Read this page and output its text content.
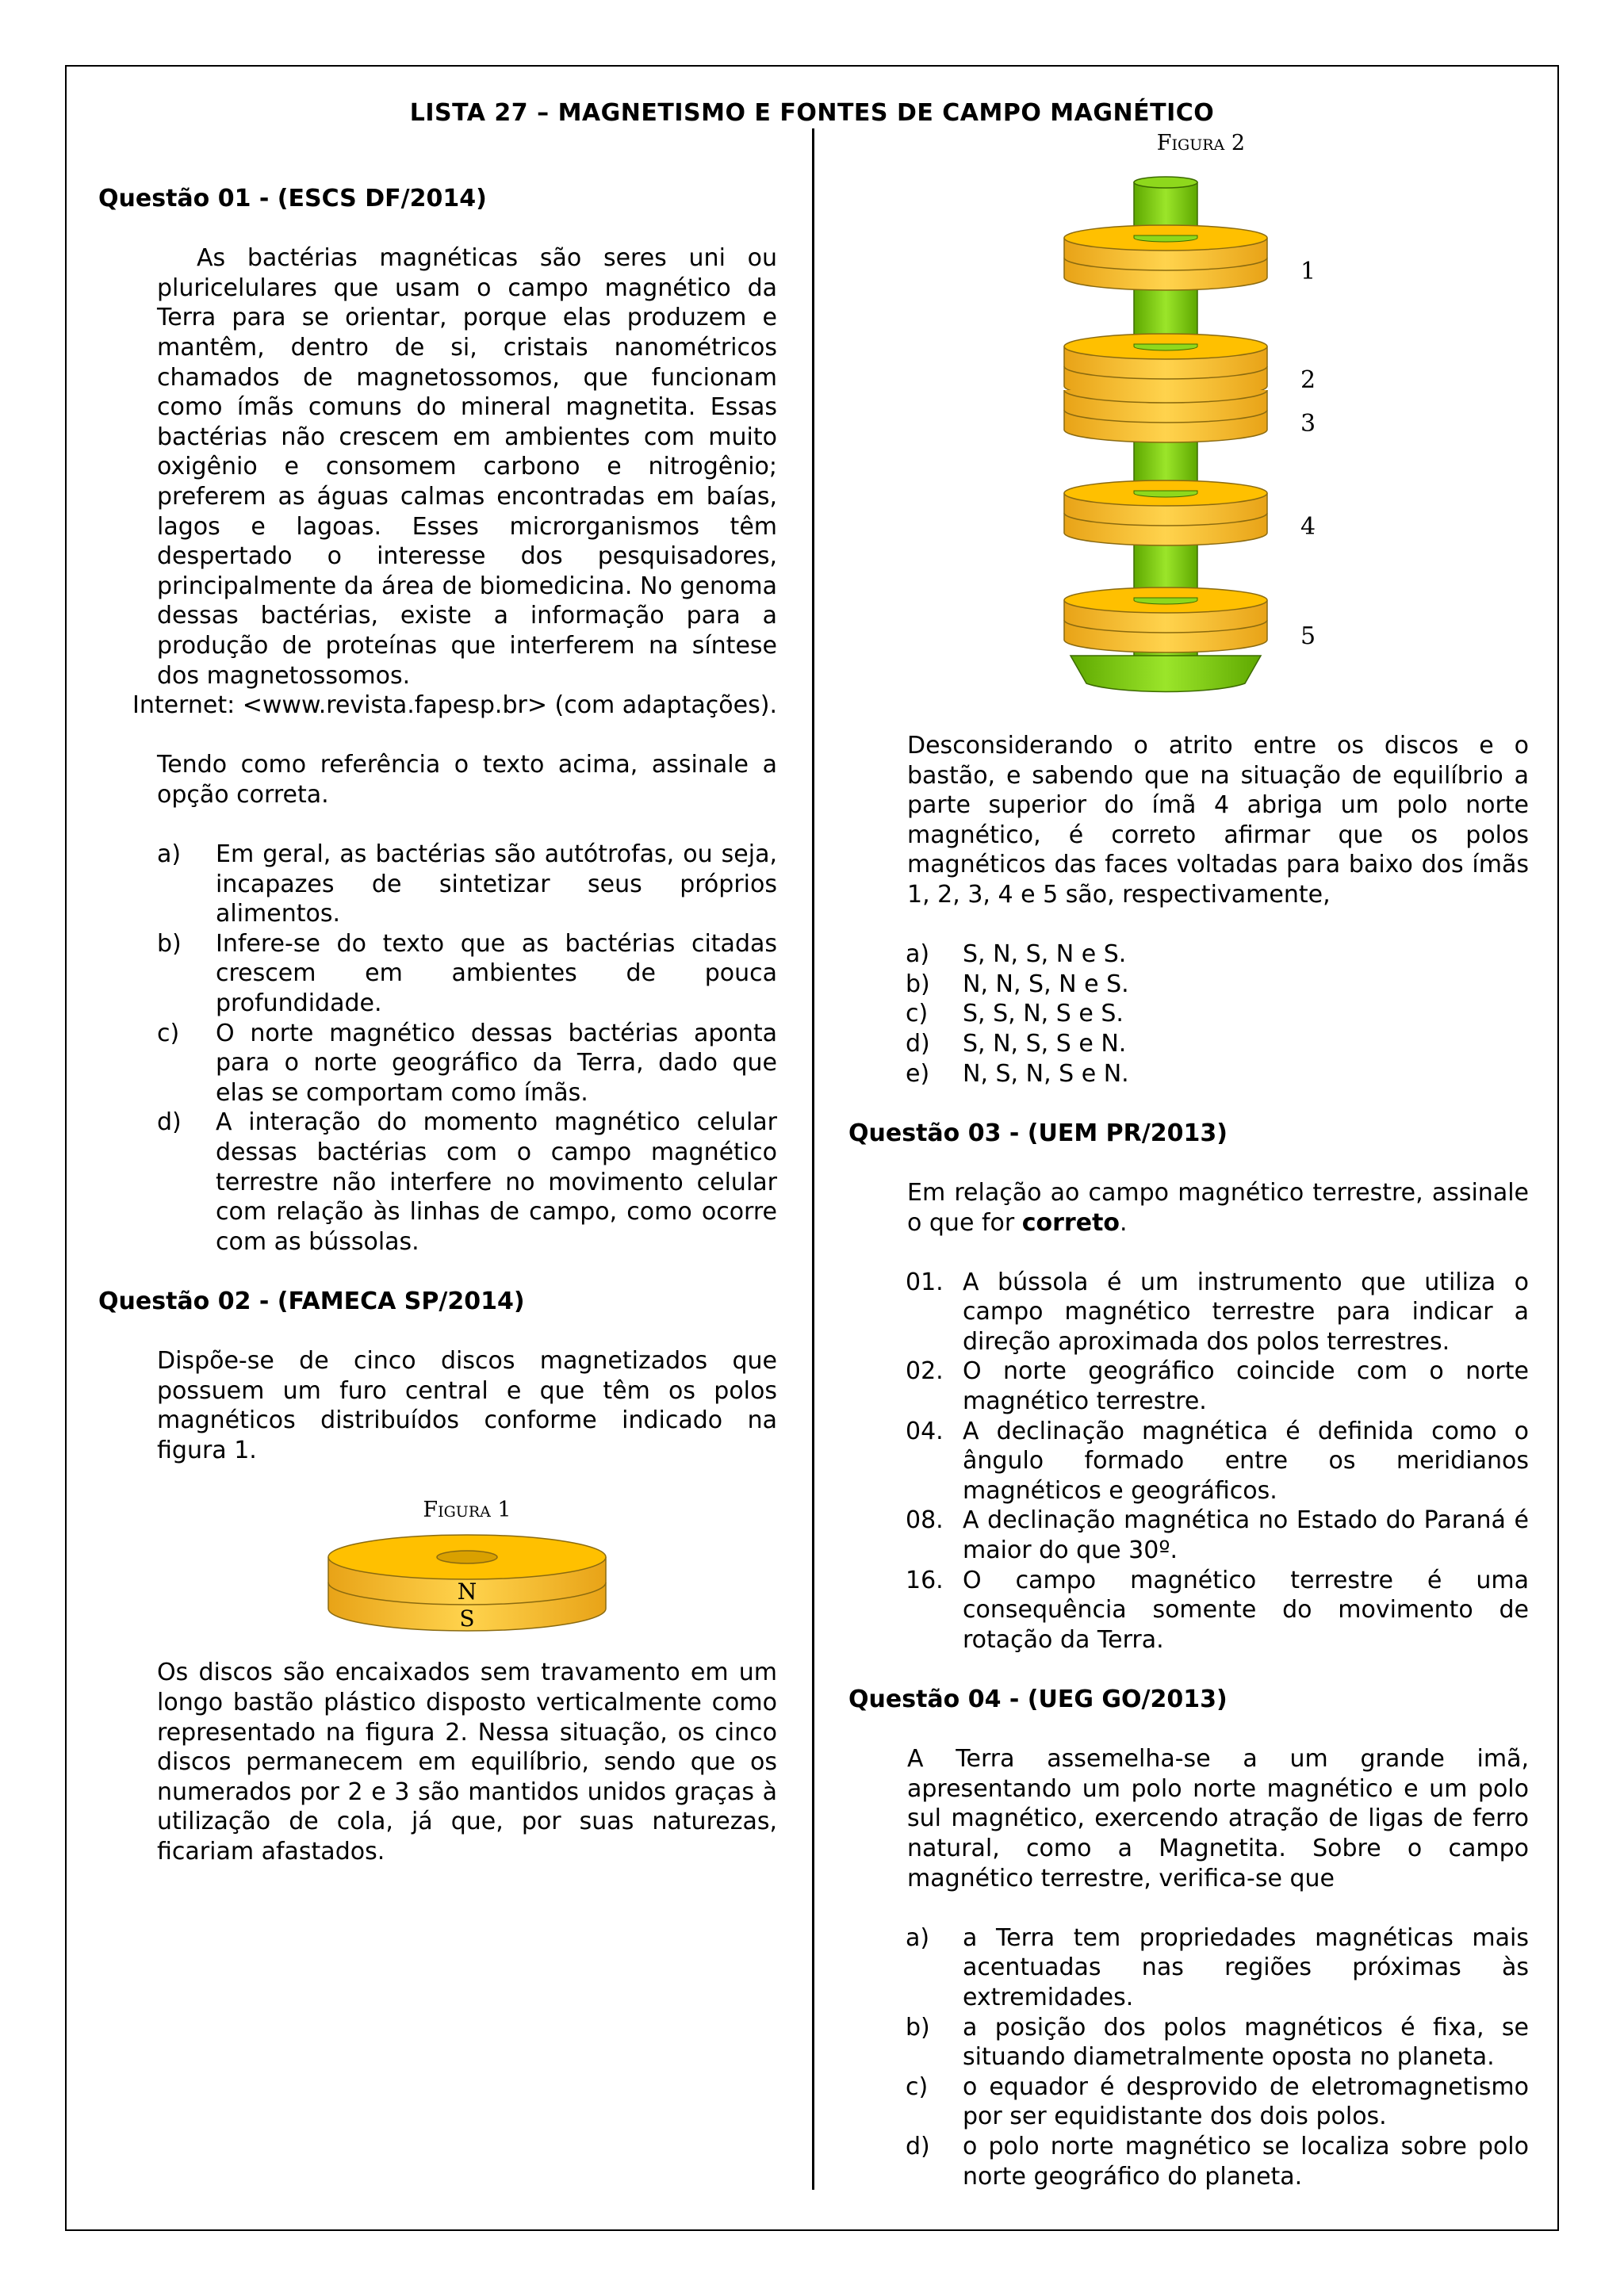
LISTA 27 – MAGNETISMO E FONTES DE CAMPO MAGNÉTICO
Questão 01 - (ESCS DF/2014)
As bactérias magnéticas são seres uni ou pluricelulares que usam o campo magnético da Terra para se orientar, porque elas produzem e mantêm, dentro de si, cristais nanométricos chamados de magnetossomos, que funcionam como ímãs comuns do mineral magnetita. Essas bactérias não crescem em ambientes com muito oxigênio e consomem carbono e nitrogênio; preferem as águas calmas encontradas em baías, lagos e lagoas. Esses microrganismos têm despertado o interesse dos pesquisadores, principalmente da área de biomedicina. No genoma dessas bactérias, existe a informação para a produção de proteínas que interferem na síntese dos magnetossomos.
Internet: <www.revista.fapesp.br> (com adaptações).
Tendo como referência o texto acima, assinale a opção correta.
a)	Em geral, as bactérias são autótrofas, ou seja, incapazes de sintetizar seus próprios alimentos.
b)	Infere-se do texto que as bactérias citadas crescem em ambientes de pouca profundidade.
c)	O norte magnético dessas bactérias aponta para o norte geográfico da Terra, dado que elas se comportam como ímãs.
d)	A interação do momento magnético celular dessas bactérias com o campo magnético terrestre não interfere no movimento celular com relação às linhas de campo, como ocorre com as bússolas.
Questão 02 - (FAMECA SP/2014)
Dispõe-se de cinco discos magnetizados que possuem um furo central e que têm os polos magnéticos distribuídos conforme indicado na figura 1.
Figura 1
N
S
Os discos são encaixados sem travamento em um longo bastão plástico disposto verticalmente como representado na figura 2. Nessa situação, os cinco discos permanecem em equilíbrio, sendo que os numerados por 2 e 3 são mantidos unidos graças à utilização de cola, já que, por suas naturezas, ficariam afastados.
Figura 2
1
2
3
4
5
Desconsiderando o atrito entre os discos e o bastão, e sabendo que na situação de equilíbrio a parte superior do ímã 4 abriga um polo norte magnético, é correto afirmar que os polos magnéticos das faces voltadas para baixo dos ímãs 1, 2, 3, 4 e 5 são, respectivamente,
a)	S, N, S, N e S.
b)	N, N, S, N e S.
c)	S, S, N, S e S.
d)	S, N, S, S e N.
e)	N, S, N, S e N.
Questão 03 - (UEM PR/2013)
Em relação ao campo magnético terrestre, assinale o que for correto.
01. A bússola é um instrumento que utiliza o campo magnético terrestre para indicar a direção aproximada dos polos terrestres.
02. O norte geográfico coincide com o norte magnético terrestre.
04. A declinação magnética é definida como o ângulo formado entre os meridianos magnéticos e geográficos.
08. A declinação magnética no Estado do Paraná é maior do que 30º.
16. O campo magnético terrestre é uma consequência somente do movimento de rotação da Terra.
Questão 04 - (UEG GO/2013)
A Terra assemelha-se a um grande imã, apresentando um polo norte magnético e um polo sul magnético, exercendo atração de ligas de ferro natural, como a Magnetita. Sobre o campo magnético terrestre, verifica-se que
a)	a Terra tem propriedades magnéticas mais acentuadas nas regiões próximas às extremidades.
b)	a posição dos polos magnéticos é fixa, se situando diametralmente oposta no planeta.
c)	o equador é desprovido de eletromagnetismo por ser equidistante dos dois polos.
d)	o polo norte magnético se localiza sobre polo norte geográfico do planeta.
